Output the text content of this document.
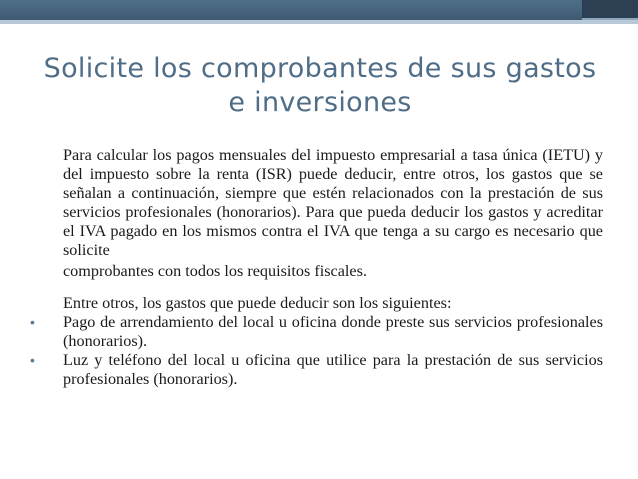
Solicite los comprobantes de sus gastos e inversiones

Para calcular los pagos mensuales del impuesto empresarial a tasa única (IETU) y del impuesto sobre la renta (ISR) puede deducir, entre otros, los gastos que se señalan a continuación, siempre que estén relacionados con la prestación de sus servicios profesionales (honorarios). Para que pueda deducir los gastos y acreditar el IVA pagado en los mismos contra el IVA que tenga a su cargo es necesario que solicite
comprobantes con todos los requisitos fiscales.

Entre otros, los gastos que puede deducir son los siguientes:

• Pago de arrendamiento del local u oficina donde preste sus servicios profesionales (honorarios).

• Luz y teléfono del local u oficina que utilice para la prestación de sus servicios profesionales (honorarios).
